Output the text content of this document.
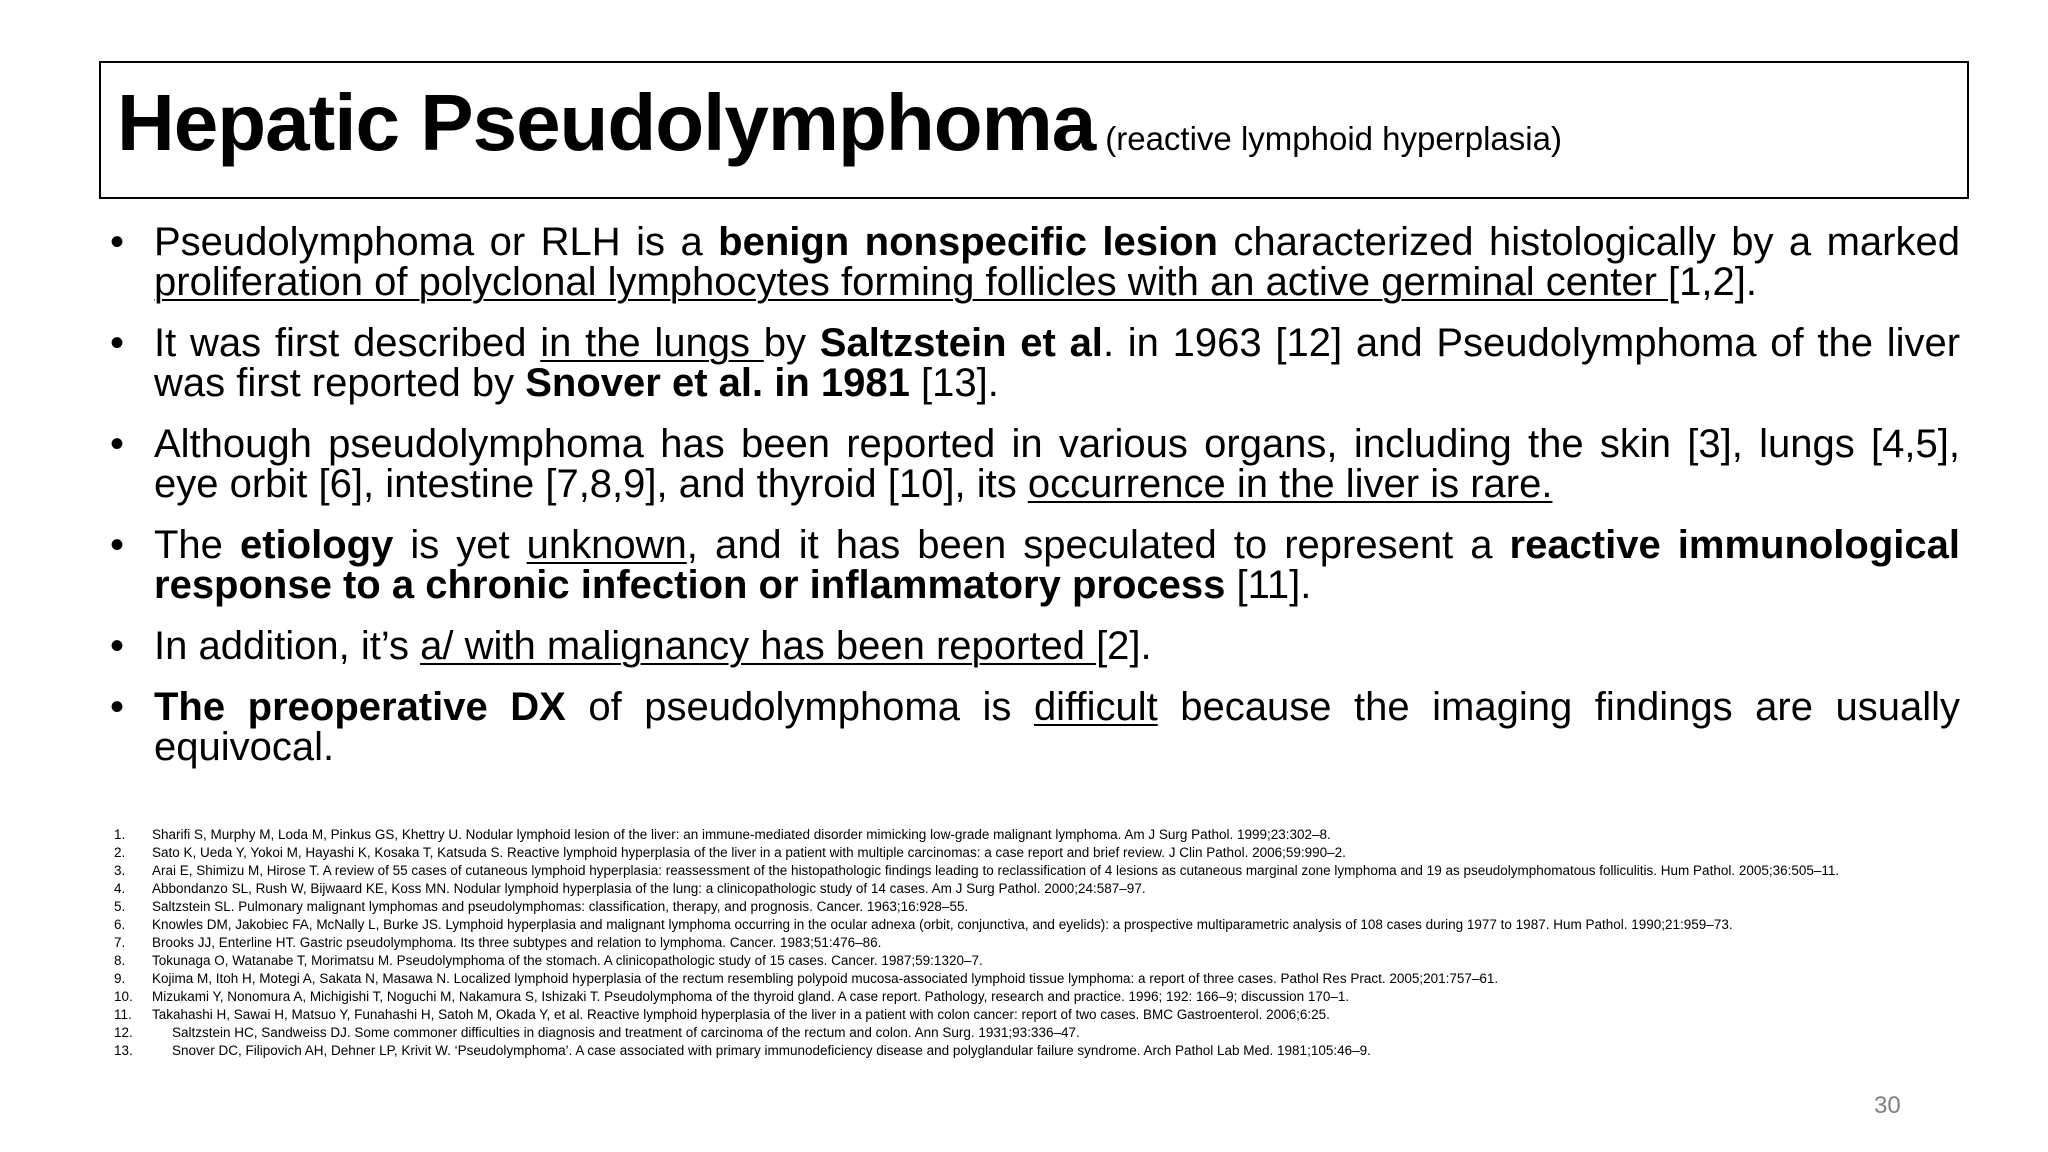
Hepatic Pseudolymphoma (reactive lymphoid hyperplasia)
• Pseudolymphoma or RLH is a benign nonspecific lesion characterized histologically by a marked proliferation of polyclonal lymphocytes forming follicles with an active germinal center [1,2].
• It was first described in the lungs by Saltzstein et al. in 1963 [12] and Pseudolymphoma of the liver was first reported by Snover et al. in 1981 [13].
• Although pseudolymphoma has been reported in various organs, including the skin [3], lungs [4,5], eye orbit [6], intestine [7,8,9], and thyroid [10], its occurrence in the liver is rare.
• The etiology is yet unknown, and it has been speculated to represent a reactive immunological response to a chronic infection or inflammatory process [11].
• In addition, it’s a/ with malignancy has been reported [2].
• The preoperative DX of pseudolymphoma is difficult because the imaging findings are usually equivocal.
1. Sharifi S, Murphy M, Loda M, Pinkus GS, Khettry U. Nodular lymphoid lesion of the liver: an immune-mediated disorder mimicking low-grade malignant lymphoma. Am J Surg Pathol. 1999;23:302–8.
2. Sato K, Ueda Y, Yokoi M, Hayashi K, Kosaka T, Katsuda S. Reactive lymphoid hyperplasia of the liver in a patient with multiple carcinomas: a case report and brief review. J Clin Pathol. 2006;59:990–2.
3. Arai E, Shimizu M, Hirose T. A review of 55 cases of cutaneous lymphoid hyperplasia: reassessment of the histopathologic findings leading to reclassification of 4 lesions as cutaneous marginal zone lymphoma and 19 as pseudolymphomatous folliculitis. Hum Pathol. 2005;36:505–11.
4. Abbondanzo SL, Rush W, Bijwaard KE, Koss MN. Nodular lymphoid hyperplasia of the lung: a clinicopathologic study of 14 cases. Am J Surg Pathol. 2000;24:587–97.
5. Saltzstein SL. Pulmonary malignant lymphomas and pseudolymphomas: classification, therapy, and prognosis. Cancer. 1963;16:928–55.
6. Knowles DM, Jakobiec FA, McNally L, Burke JS. Lymphoid hyperplasia and malignant lymphoma occurring in the ocular adnexa (orbit, conjunctiva, and eyelids): a prospective multiparametric analysis of 108 cases during 1977 to 1987. Hum Pathol. 1990;21:959–73.
7. Brooks JJ, Enterline HT. Gastric pseudolymphoma. Its three subtypes and relation to lymphoma. Cancer. 1983;51:476–86.
8. Tokunaga O, Watanabe T, Morimatsu M. Pseudolymphoma of the stomach. A clinicopathologic study of 15 cases. Cancer. 1987;59:1320–7.
9. Kojima M, Itoh H, Motegi A, Sakata N, Masawa N. Localized lymphoid hyperplasia of the rectum resembling polypoid mucosa-associated lymphoid tissue lymphoma: a report of three cases. Pathol Res Pract. 2005;201:757–61.
10. Mizukami Y, Nonomura A, Michigishi T, Noguchi M, Nakamura S, Ishizaki T. Pseudolymphoma of the thyroid gland. A case report. Pathology, research and practice. 1996; 192: 166–9; discussion 170–1.
11. Takahashi H, Sawai H, Matsuo Y, Funahashi H, Satoh M, Okada Y, et al. Reactive lymphoid hyperplasia of the liver in a patient with colon cancer: report of two cases. BMC Gastroenterol. 2006;6:25.
12.	Saltzstein HC, Sandweiss DJ. Some commoner difficulties in diagnosis and treatment of carcinoma of the rectum and colon. Ann Surg. 1931;93:336–47.
13.	Snover DC, Filipovich AH, Dehner LP, Krivit W. ‘Pseudolymphoma’. A case associated with primary immunodeficiency disease and polyglandular failure syndrome. Arch Pathol Lab Med. 1981;105:46–9.
30
